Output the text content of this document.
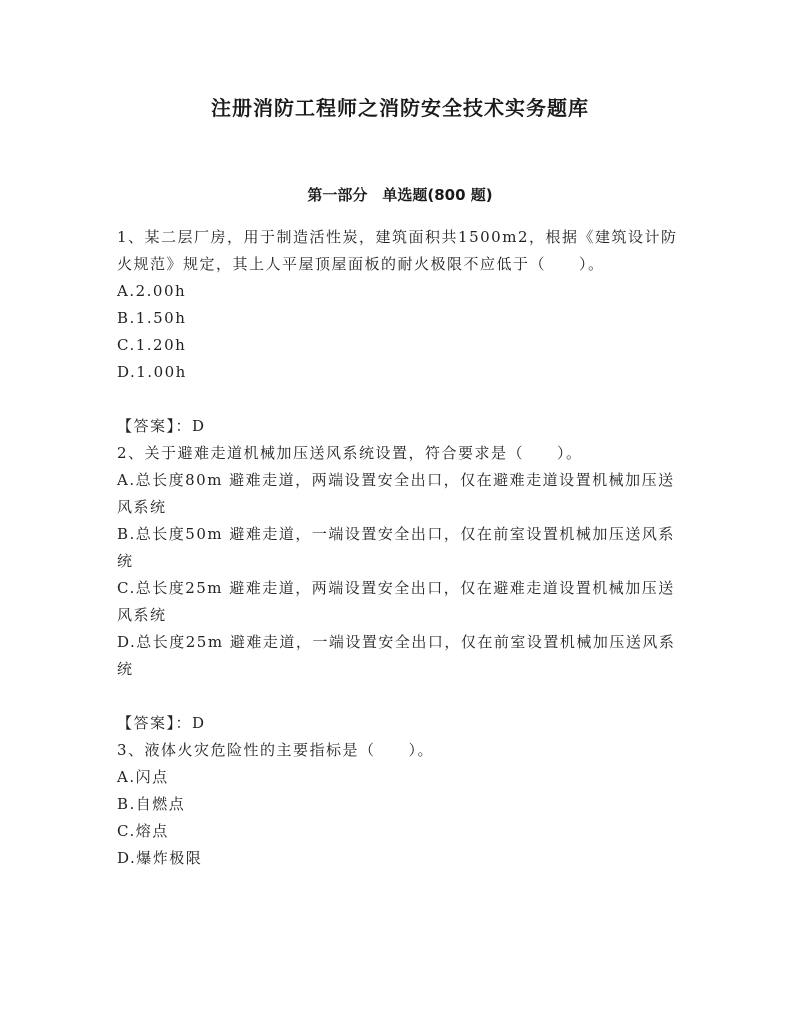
注册消防工程师之消防安全技术实务题库
第一部分　单选题(800 题)

1、某二层厂房，用于制造活性炭，建筑面积共1500m2，根据《建筑设计防火规范》规定，其上人平屋顶屋面板的耐火极限不应低于（　　）。

A.2.00h

B.1.50h

C.1.20h

D.1.00h

【答案】：D

2、关于避难走道机械加压送风系统设置，符合要求是（　　）。

A.总长度80m 避难走道，两端设置安全出口，仅在避难走道设置机械加压送风系统

B.总长度50m 避难走道，一端设置安全出口，仅在前室设置机械加压送风系统

C.总长度25m 避难走道，两端设置安全出口，仅在避难走道设置机械加压送风系统

D.总长度25m 避难走道，一端设置安全出口，仅在前室设置机械加压送风系统

【答案】：D

3、液体火灾危险性的主要指标是（　　）。

A.闪点

B.自燃点

C.熔点

D.爆炸极限
